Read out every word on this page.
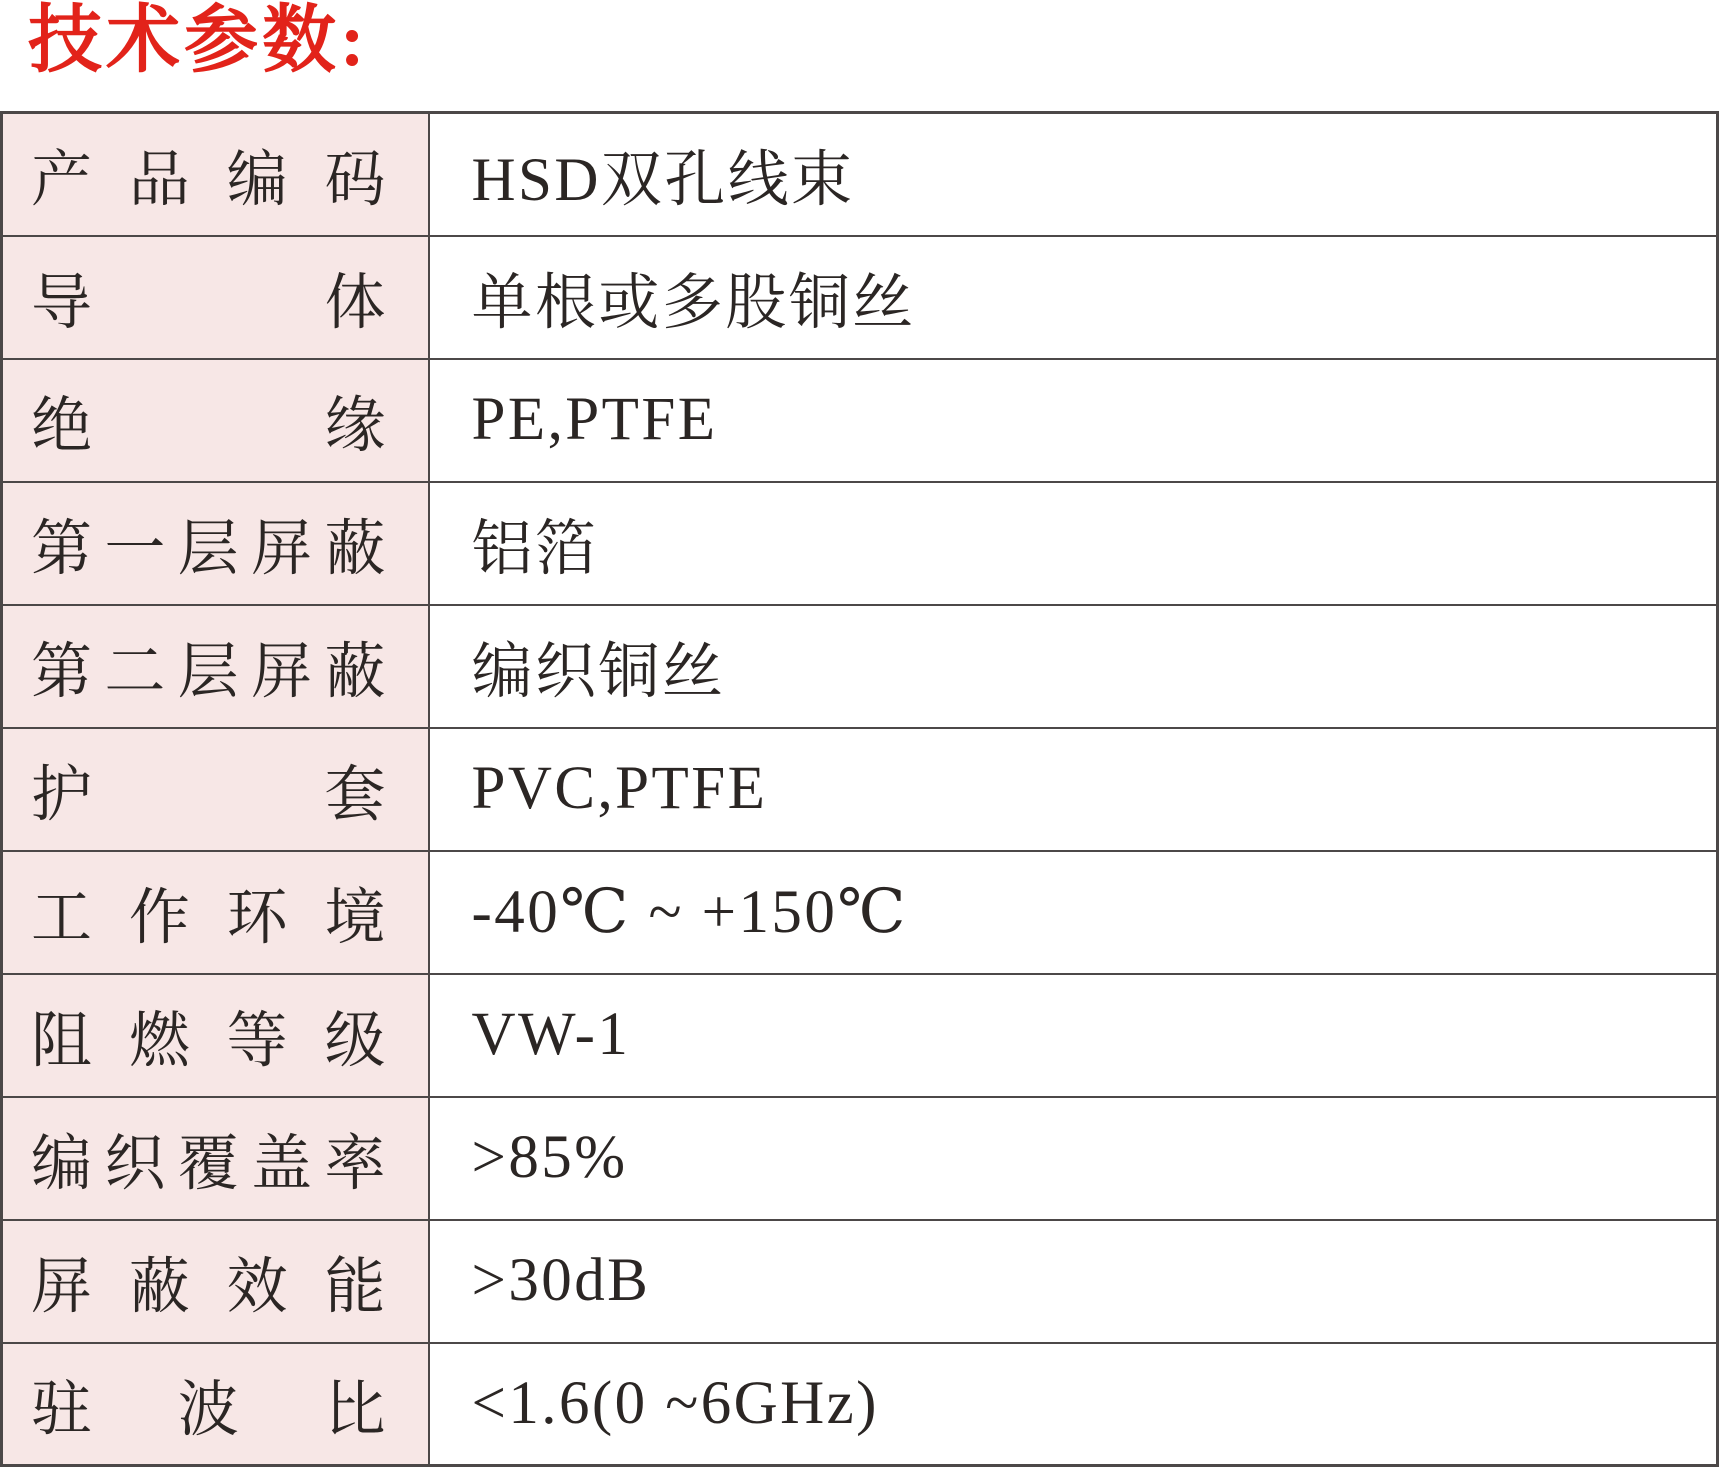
技术参数:
产品编码	HSD双孔线束
导体	单根或多股铜丝
绝缘	PE,PTFE
第一层屏蔽	铝箔
第二层屏蔽	编织铜丝
护套	PVC,PTFE
工作环境	-40℃ ~ +150℃
阻燃等级	VW-1
编织覆盖率	>85%
屏蔽效能	>30dB
驻波比	<1.6(0 ~6GHz)
